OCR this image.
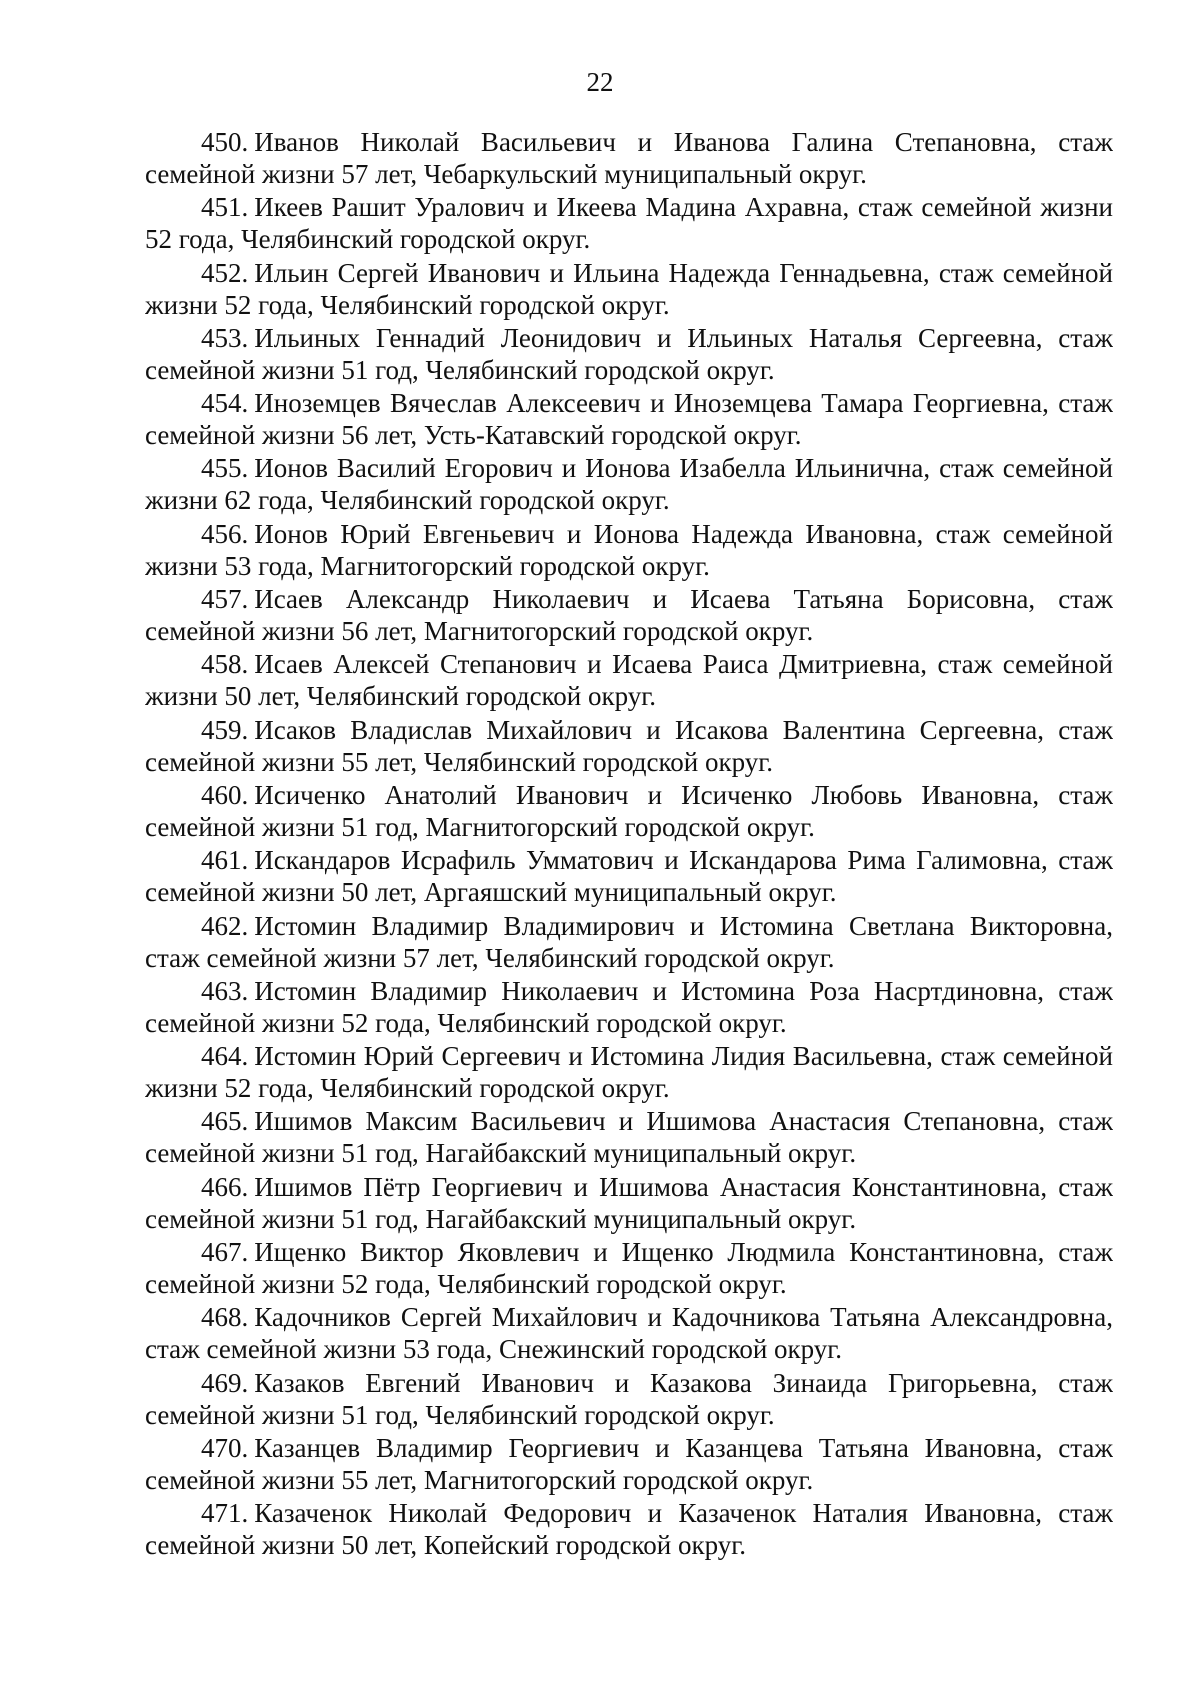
22
450. Иванов Николай Васильевич и Иванова Галина Степановна, стаж семейной жизни 57 лет, Чебаркульский муниципальный округ.
451. Икеев Рашит Уралович и Икеева Мадина Ахравна, стаж семейной жизни 52 года, Челябинский городской округ.
452. Ильин Сергей Иванович и Ильина Надежда Геннадьевна, стаж семейной жизни 52 года, Челябинский городской округ.
453. Ильиных Геннадий Леонидович и Ильиных Наталья Сергеевна, стаж семейной жизни 51 год, Челябинский городской округ.
454. Иноземцев Вячеслав Алексеевич и Иноземцева Тамара Георгиевна, стаж семейной жизни 56 лет, Усть-Катавский городской округ.
455. Ионов Василий Егорович и Ионова Изабелла Ильинична, стаж семейной жизни 62 года, Челябинский городской округ.
456. Ионов Юрий Евгеньевич и Ионова Надежда Ивановна, стаж семейной жизни 53 года, Магнитогорский городской округ.
457. Исаев Александр Николаевич и Исаева Татьяна Борисовна, стаж семейной жизни 56 лет, Магнитогорский городской округ.
458. Исаев Алексей Степанович и Исаева Раиса Дмитриевна, стаж семейной жизни 50 лет, Челябинский городской округ.
459. Исаков Владислав Михайлович и Исакова Валентина Сергеевна, стаж семейной жизни 55 лет, Челябинский городской округ.
460. Исиченко Анатолий Иванович и Исиченко Любовь Ивановна, стаж семейной жизни 51 год, Магнитогорский городской округ.
461. Искандаров Исрафиль Умматович и Искандарова Рима Галимовна, стаж семейной жизни 50 лет, Аргаяшский муниципальный округ.
462. Истомин Владимир Владимирович и Истомина Светлана Викторовна, стаж семейной жизни 57 лет, Челябинский городской округ.
463. Истомин Владимир Николаевич и Истомина Роза Насртдиновна, стаж семейной жизни 52 года, Челябинский городской округ.
464. Истомин Юрий Сергеевич и Истомина Лидия Васильевна, стаж семейной жизни 52 года, Челябинский городской округ.
465. Ишимов Максим Васильевич и Ишимова Анастасия Степановна, стаж семейной жизни 51 год, Нагайбакский муниципальный округ.
466. Ишимов Пётр Георгиевич и Ишимова Анастасия Константиновна, стаж семейной жизни 51 год, Нагайбакский муниципальный округ.
467. Ищенко Виктор Яковлевич и Ищенко Людмила Константиновна, стаж семейной жизни 52 года, Челябинский городской округ.
468. Кадочников Сергей Михайлович и Кадочникова Татьяна Александровна, стаж семейной жизни 53 года, Снежинский городской округ.
469. Казаков Евгений Иванович и Казакова Зинаида Григорьевна, стаж семейной жизни 51 год, Челябинский городской округ.
470. Казанцев Владимир Георгиевич и Казанцева Татьяна Ивановна, стаж семейной жизни 55 лет, Магнитогорский городской округ.
471. Казаченок Николай Федорович и Казаченок Наталия Ивановна, стаж семейной жизни 50 лет, Копейский городской округ.
